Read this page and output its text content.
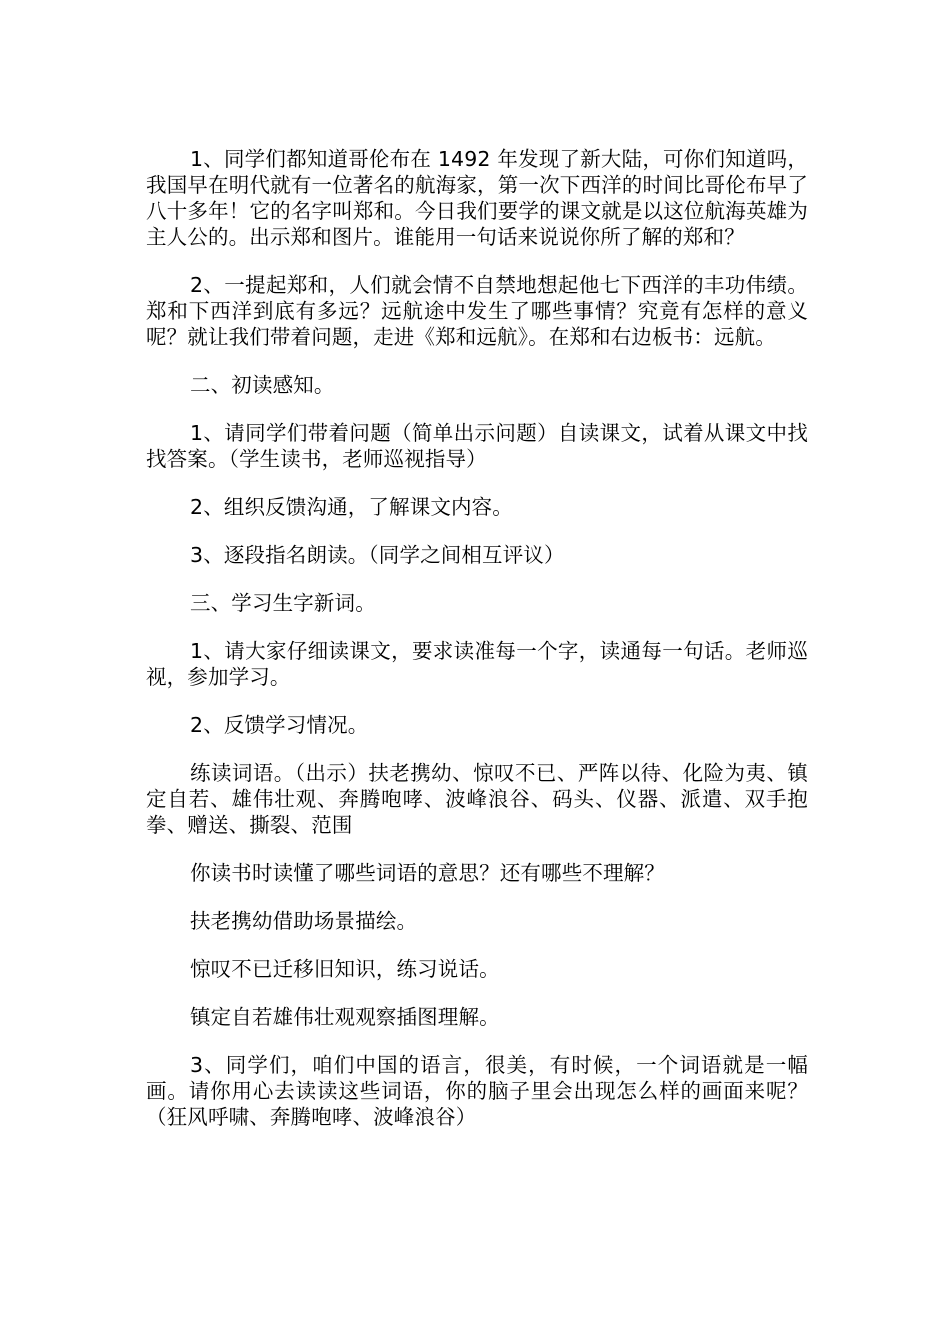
1、同学们都知道哥伦布在 1492 年发现了新大陆，可你们知道吗，我国早在明代就有一位著名的航海家，第一次下西洋的时间比哥伦布早了八十多年！它的名字叫郑和。今日我们要学的课文就是以这位航海英雄为主人公的。出示郑和图片。谁能用一句话来说说你所了解的郑和？

2、一提起郑和，人们就会情不自禁地想起他七下西洋的丰功伟绩。郑和下西洋到底有多远？远航途中发生了哪些事情？究竟有怎样的意义呢？就让我们带着问题，走进《郑和远航》。在郑和右边板书：远航。

二、初读感知。

1、请同学们带着问题（简单出示问题）自读课文，试着从课文中找找答案。（学生读书，老师巡视指导）

2、组织反馈沟通，了解课文内容。

3、逐段指名朗读。（同学之间相互评议）

三、学习生字新词。

1、请大家仔细读课文，要求读准每一个字，读通每一句话。老师巡视，参加学习。

2、反馈学习情况。

练读词语。（出示）扶老携幼、惊叹不已、严阵以待、化险为夷、镇定自若、雄伟壮观、奔腾咆哮、波峰浪谷、码头、仪器、派遣、双手抱拳、赠送、撕裂、范围

你读书时读懂了哪些词语的意思？还有哪些不理解？

扶老携幼借助场景描绘。

惊叹不已迁移旧知识，练习说话。

镇定自若雄伟壮观观察插图理解。

3、同学们，咱们中国的语言，很美，有时候，一个词语就是一幅画。请你用心去读读这些词语，你的脑子里会出现怎么样的画面来呢？（狂风呼啸、奔腾咆哮、波峰浪谷）
